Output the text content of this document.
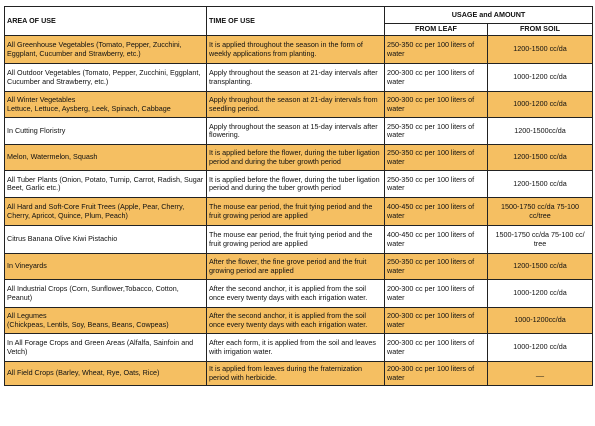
AREA OF USE	TIME OF USE	USAGE and AMOUNT	
		FROM LEAF	FROM SOIL

All Greenhouse Vegetables (Tomato, Pepper, Zucchini, Eggplant, Cucumber and Strawberry, etc.)	It is applied throughout the season in the form of weekly applications from planting.	250-350 cc per 100 liters of water	1200-1500 cc/da

All Outdoor Vegetables (Tomato, Pepper, Zucchini, Eggplant, Cucumber and Strawberry, etc.)	Apply throughout the season at 21-day intervals after transplanting.	200-300 cc per 100 liters of water	1000-1200 cc/da

All Winter Vegetables
Lettuce, Lettuce, Aysberg, Leek, Spinach, Cabbage	Apply throughout the season at 21-day intervals from seedling period.	200-300 cc per 100 liters of water	1000-1200 cc/da

In Cutting Floristry	Apply throughout the season at 15-day intervals after flowering.	250-350 cc per 100 liters of water	1200-1500cc/da

Melon, Watermelon, Squash	It is applied before the flower, during the tuber ligation period and during the tuber growth period	250-350 cc per 100 liters of water	1200-1500 cc/da

All Tuber Plants (Onion, Potato, Turnip, Carrot, Radish, Sugar Beet, Garlic etc.)	It is applied before the flower, during the tuber ligation period and during the tuber growth period	250-350 cc per 100 liters of water	1200-1500 cc/da

All Hard and Soft-Core Fruit Trees (Apple, Pear, Cherry, Cherry, Apricot, Quince, Plum, Peach)	The mouse ear period, the fruit tying period and the fruit growing period are applied	400-450 cc per 100 liters of water	1500-1750 cc/da 75-100 cc/tree

Citrus Banana Olive Kiwi Pistachio	The mouse ear period, the fruit tying period and the fruit growing period are applied	400-450 cc per 100 liters of water	1500-1750 cc/da 75-100 cc/ tree

In Vineyards	After the flower, the fine grove period and the fruit growing period are applied	250-350 cc per 100 liters of water	1200-1500 cc/da

All Industrial Crops (Corn, Sunflower,Tobacco, Cotton, Peanut)	After the second anchor, it is applied from the soil once every twenty days with each irrigation water.	200-300 cc per 100 liters of water	1000-1200 cc/da

All Legumes
(Chickpeas, Lentils, Soy, Beans, Beans, Cowpeas)	After the second anchor, it is applied from the soil once every twenty days with each irrigation water.	200-300 cc per 100 liters of water	1000-1200cc/da

In All Forage Crops and Green Areas (Alfalfa, Sainfoin and Vetch)	After each form, it is applied from the soil and leaves with irrigation water.	200-300 cc per 100 liters of water	1000-1200 cc/da

All Field Crops (Barley, Wheat, Rye, Oats, Rice)	It is applied from leaves during the fraternization period with herbicide.	200-300 cc per 100 liters of water	__
